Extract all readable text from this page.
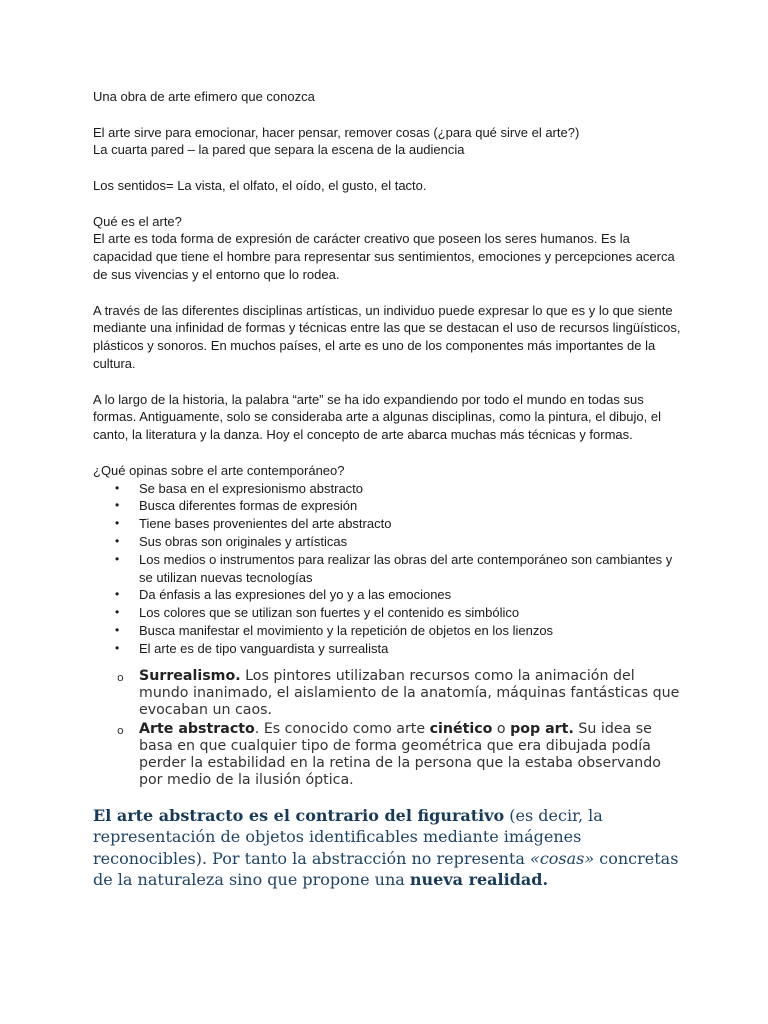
Una obra de arte efimero que conozca

El arte sirve para emocionar, hacer pensar, remover cosas (¿para qué sirve el arte?)

La cuarta pared – la pared que separa la escena de la audiencia

Los sentidos= La vista, el olfato, el oído, el gusto, el tacto.

Qué es el arte?

El arte es toda forma de expresión de carácter creativo que poseen los seres humanos. Es la capacidad que tiene el hombre para representar sus sentimientos, emociones y percepciones acerca de sus vivencias y el entorno que lo rodea.

A través de las diferentes disciplinas artísticas, un individuo puede expresar lo que es y lo que siente mediante una infinidad de formas y técnicas entre las que se destacan el uso de recursos lingüísticos, plásticos y sonoros. En muchos países, el arte es uno de los componentes más importantes de la cultura.

A lo largo de la historia, la palabra “arte” se ha ido expandiendo por todo el mundo en todas sus formas. Antiguamente, solo se consideraba arte a algunas disciplinas, como la pintura, el dibujo, el canto, la literatura y la danza. Hoy el concepto de arte abarca muchas más técnicas y formas.

¿Qué opinas sobre el arte contemporáneo?

• Se basa en el expresionismo abstracto
• Busca diferentes formas de expresión
• Tiene bases provenientes del arte abstracto
• Sus obras son originales y artísticas
• Los medios o instrumentos para realizar las obras del arte contemporáneo son cambiantes y se utilizan nuevas tecnologías
• Da énfasis a las expresiones del yo y a las emociones
• Los colores que se utilizan son fuertes y el contenido es simbólico
• Busca manifestar el movimiento y la repetición de objetos en los lienzos
• El arte es de tipo vanguardista y surrealista
o Surrealismo. Los pintores utilizaban recursos como la animación del mundo inanimado, el aislamiento de la anatomía, máquinas fantásticas que evocaban un caos.
o Arte abstracto. Es conocido como arte cinético o pop art. Su idea se basa en que cualquier tipo de forma geométrica que era dibujada podía perder la estabilidad en la retina de la persona que la estaba observando por medio de la ilusión óptica.

El arte abstracto es el contrario del figurativo (es decir, la representación de objetos identificables mediante imágenes reconocibles). Por tanto la abstracción no representa «cosas» concretas de la naturaleza sino que propone una nueva realidad.
